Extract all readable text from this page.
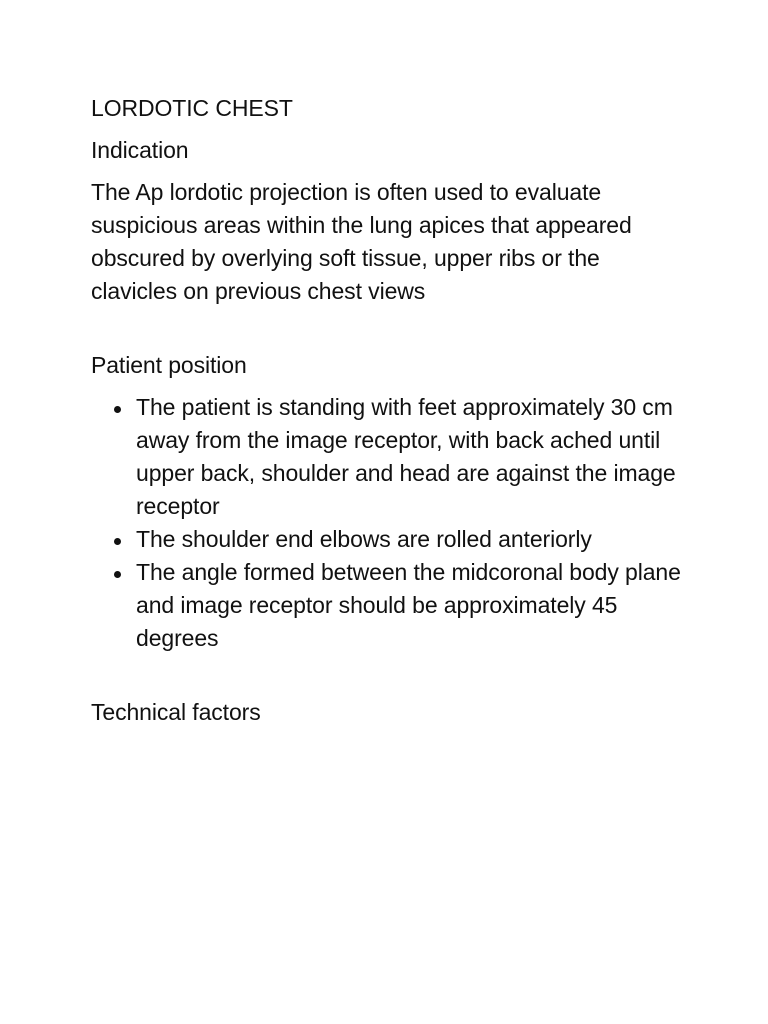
LORDOTIC CHEST
Indication

The Ap lordotic projection is often used to evaluate suspicious areas within the lung apices that appeared obscured by overlying soft tissue, upper ribs or the clavicles on previous chest views

Patient position
The patient is standing with feet approximately 30 cm away from the image receptor, with back ached until upper back, shoulder and head are against the image receptor
The shoulder end elbows are rolled anteriorly
The angle formed between the midcoronal body plane and image receptor should be approximately 45 degrees
Technical factors
